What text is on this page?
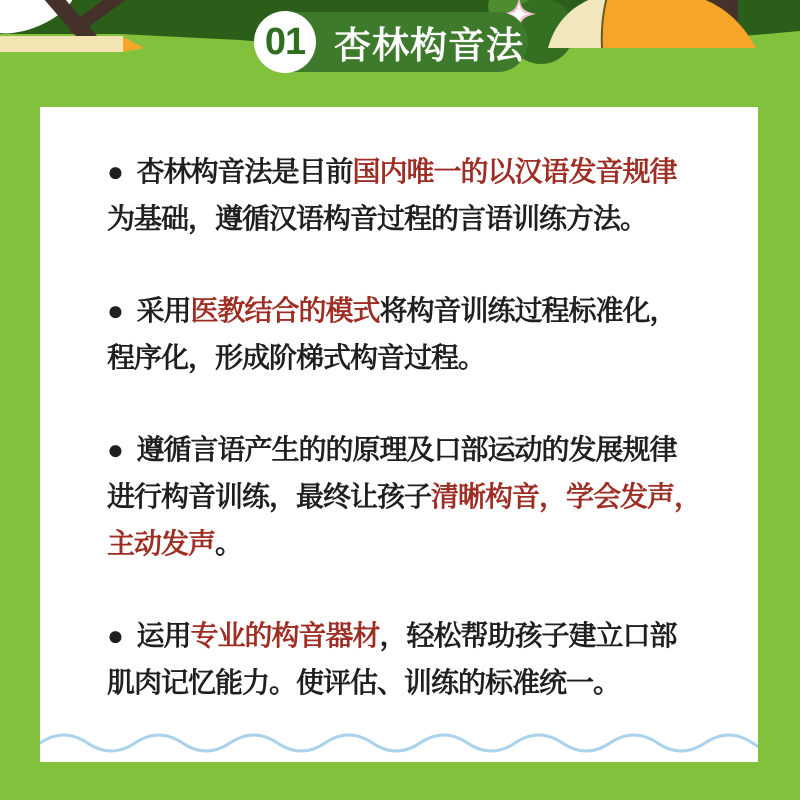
杏林构音法
01
●  杏林构音法是目前国内唯一的以汉语发音规律
为基础，遵循汉语构音过程的言语训练方法。
●  采用医教结合的模式将构音训练过程标准化，
程序化，形成阶梯式构音过程。
●  遵循言语产生的的原理及口部运动的发展规律
进行构音训练，最终让孩子清晰构音，学会发声，
主动发声。
●  运用专业的构音器材，轻松帮助孩子建立口部
肌肉记忆能力。使评估、训练的标准统一。
